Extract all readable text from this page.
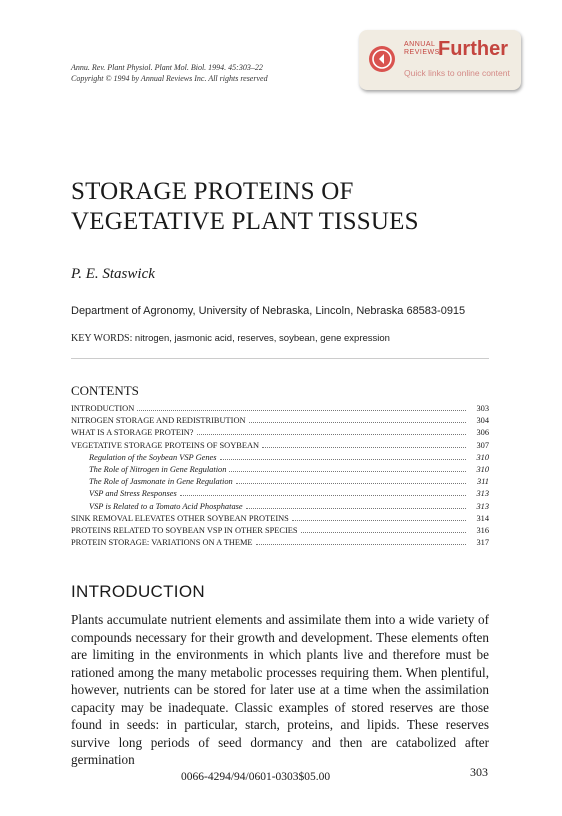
Annu. Rev. Plant Physiol. Plant Mol. Biol. 1994. 45:303–22
Copyright © 1994 by Annual Reviews Inc. All rights reserved
ANNUAL
REVIEWS
Further
Quick links to online content
STORAGE PROTEINS OF
VEGETATIVE PLANT TISSUES
P. E. Staswick
Department of Agronomy, University of Nebraska, Lincoln, Nebraska 68583-0915
KEY WORDS: nitrogen, jasmonic acid, reserves, soybean, gene expression
CONTENTS
INTRODUCTION	303
NITROGEN STORAGE AND REDISTRIBUTION	304
WHAT IS A STORAGE PROTEIN?	306
VEGETATIVE STORAGE PROTEINS OF SOYBEAN	307
Regulation of the Soybean VSP Genes	310
The Role of Nitrogen in Gene Regulation	310
The Role of Jasmonate in Gene Regulation	311
VSP and Stress Responses	313
VSP is Related to a Tomato Acid Phosphatase	313
SINK REMOVAL ELEVATES OTHER SOYBEAN PROTEINS	314
PROTEINS RELATED TO SOYBEAN VSP IN OTHER SPECIES	316
PROTEIN STORAGE: VARIATIONS ON A THEME	317
INTRODUCTION

Plants accumulate nutrient elements and assimilate them into a wide variety of compounds necessary for their growth and development. These elements often are limiting in the environments in which plants live and therefore must be rationed among the many metabolic processes requiring them. When plentiful, however, nutrients can be stored for later use at a time when the assimilation capacity may be inadequate. Classic examples of stored reserves are those found in seeds: in particular, starch, proteins, and lipids. These reserves survive long periods of seed dormancy and then are catabolized after germination

0066-4294/94/0601-0303$05.00	303
